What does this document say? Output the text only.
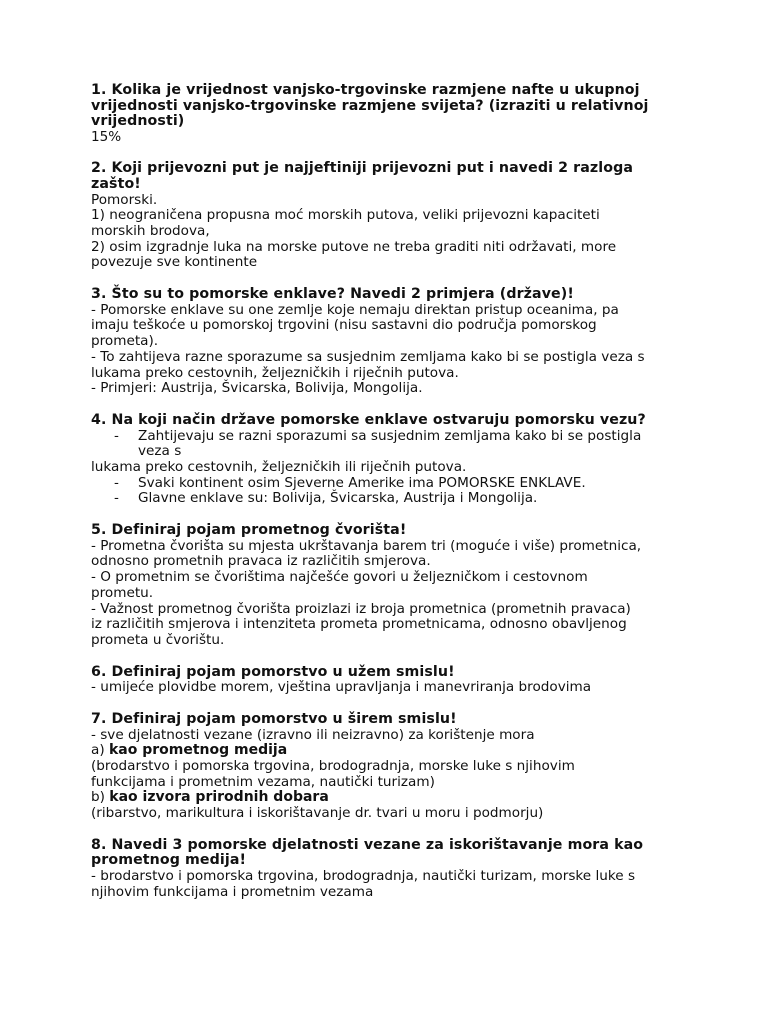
1. Kolika je vrijednost vanjsko-trgovinske razmjene nafte u ukupnoj
vrijednosti vanjsko-trgovinske razmjene svijeta? (izraziti u relativnoj
vrijednosti)
15%
2. Koji prijevozni put je najjeftiniji prijevozni put i navedi 2 razloga
zašto!
Pomorski.
1) neograničena propusna moć morskih putova, veliki prijevozni kapaciteti
morskih brodova,
2) osim izgradnje luka na morske putove ne treba graditi niti održavati, more
povezuje sve kontinente
3. Što su to pomorske enklave? Navedi 2 primjera (države)!
- Pomorske enklave su one zemlje koje nemaju direktan pristup oceanima, pa
imaju teškoće u pomorskoj trgovini (nisu sastavni dio područja pomorskog
prometa).
- To zahtijeva razne sporazume sa susjednim zemljama kako bi se postigla veza s
lukama preko cestovnih, željezničkih i riječnih putova.
- Primjeri: Austrija, Švicarska, Bolivija, Mongolija.
4. Na koji način države pomorske enklave ostvaruju pomorsku vezu?
- Zahtijevaju se razni sporazumi sa susjednim zemljama kako bi se postigla
veza s
lukama preko cestovnih, željezničkih ili riječnih putova.
- Svaki kontinent osim Sjeverne Amerike ima POMORSKE ENKLAVE.
- Glavne enklave su: Bolivija, Švicarska, Austrija i Mongolija.
5. Definiraj pojam prometnog čvorišta!
- Prometna čvorišta su mjesta ukrštavanja barem tri (moguće i više) prometnica,
odnosno prometnih pravaca iz različitih smjerova.
- O prometnim se čvorištima najčešće govori u željezničkom i cestovnom
prometu.
- Važnost prometnog čvorišta proizlazi iz broja prometnica (prometnih pravaca)
iz različitih smjerova i intenziteta prometa prometnicama, odnosno obavljenog
prometa u čvorištu.
6. Definiraj pojam pomorstvo u užem smislu!
- umijeće plovidbe morem, vještina upravljanja i manevriranja brodovima
7. Definiraj pojam pomorstvo u širem smislu!
- sve djelatnosti vezane (izravno ili neizravno) za korištenje mora
a) kao prometnog medija
(brodarstvo i pomorska trgovina, brodogradnja, morske luke s njihovim
funkcijama i prometnim vezama, nautički turizam)
b) kao izvora prirodnih dobara
(ribarstvo, marikultura i iskorištavanje dr. tvari u moru i podmorju)
8. Navedi 3 pomorske djelatnosti vezane za iskorištavanje mora kao
prometnog medija!
- brodarstvo i pomorska trgovina, brodogradnja, nautički turizam, morske luke s
njihovim funkcijama i prometnim vezama
